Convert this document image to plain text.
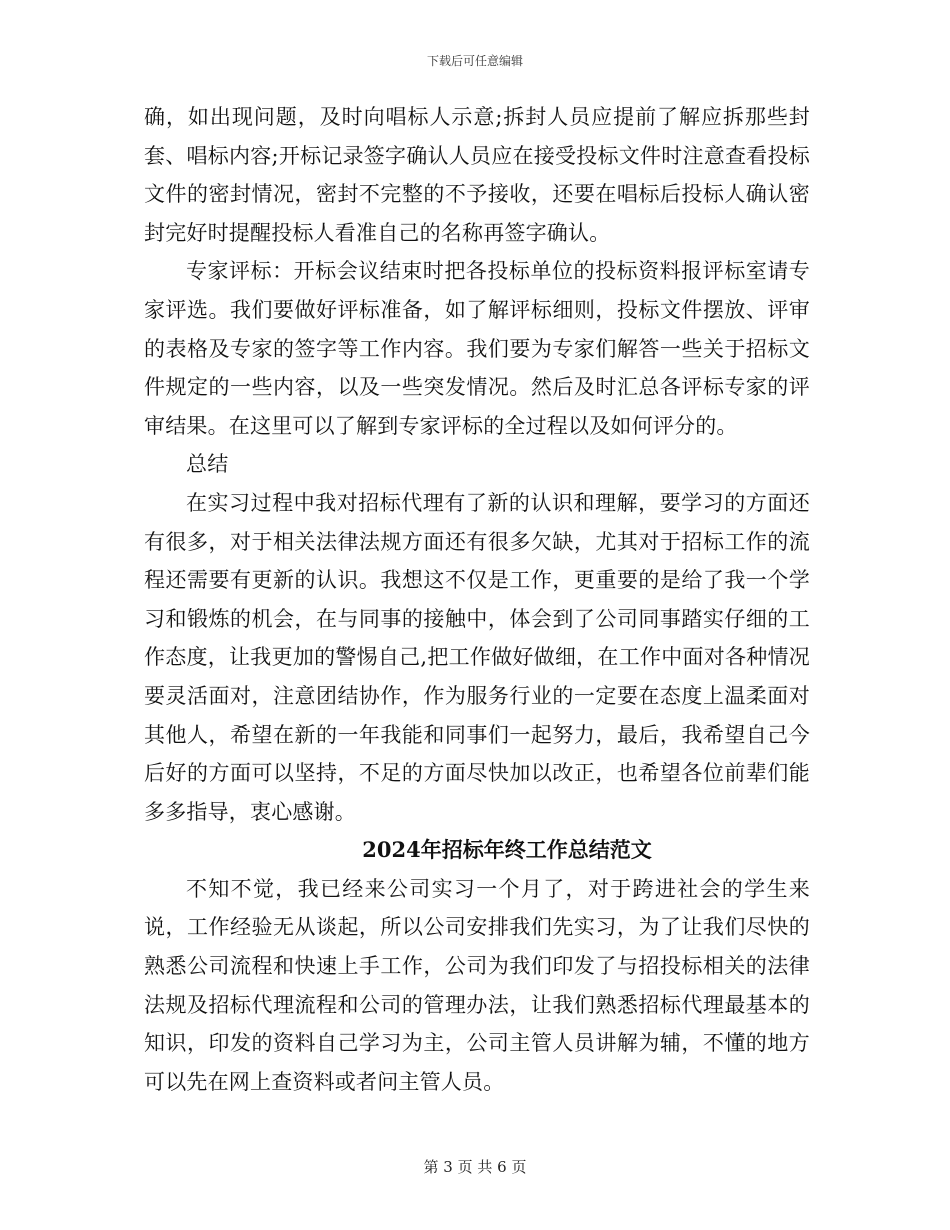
下载后可任意编辑

确，如出现问题，及时向唱标人示意;拆封人员应提前了解应拆那些封套、唱标内容;开标记录签字确认人员应在接受投标文件时注意查看投标文件的密封情况，密封不完整的不予接收，还要在唱标后投标人确认密封完好时提醒投标人看准自己的名称再签字确认。

专家评标：开标会议结束时把各投标单位的投标资料报评标室请专家评选。我们要做好评标准备，如了解评标细则，投标文件摆放、评审的表格及专家的签字等工作内容。我们要为专家们解答一些关于招标文件规定的一些内容，以及一些突发情况。然后及时汇总各评标专家的评审结果。在这里可以了解到专家评标的全过程以及如何评分的。

总结

在实习过程中我对招标代理有了新的认识和理解，要学习的方面还有很多，对于相关法律法规方面还有很多欠缺，尤其对于招标工作的流程还需要有更新的认识。我想这不仅是工作，更重要的是给了我一个学习和锻炼的机会，在与同事的接触中，体会到了公司同事踏实仔细的工作态度，让我更加的警惕自己,把工作做好做细，在工作中面对各种情况要灵活面对，注意团结协作，作为服务行业的一定要在态度上温柔面对其他人，希望在新的一年我能和同事们一起努力，最后，我希望自己今后好的方面可以坚持，不足的方面尽快加以改正，也希望各位前辈们能多多指导，衷心感谢。

2024年招标年终工作总结范文

不知不觉，我已经来公司实习一个月了，对于跨进社会的学生来说，工作经验无从谈起，所以公司安排我们先实习，为了让我们尽快的熟悉公司流程和快速上手工作，公司为我们印发了与招投标相关的法律法规及招标代理流程和公司的管理办法，让我们熟悉招标代理最基本的知识，印发的资料自己学习为主，公司主管人员讲解为辅，不懂的地方可以先在网上查资料或者问主管人员。

第 3 页 共 6 页
